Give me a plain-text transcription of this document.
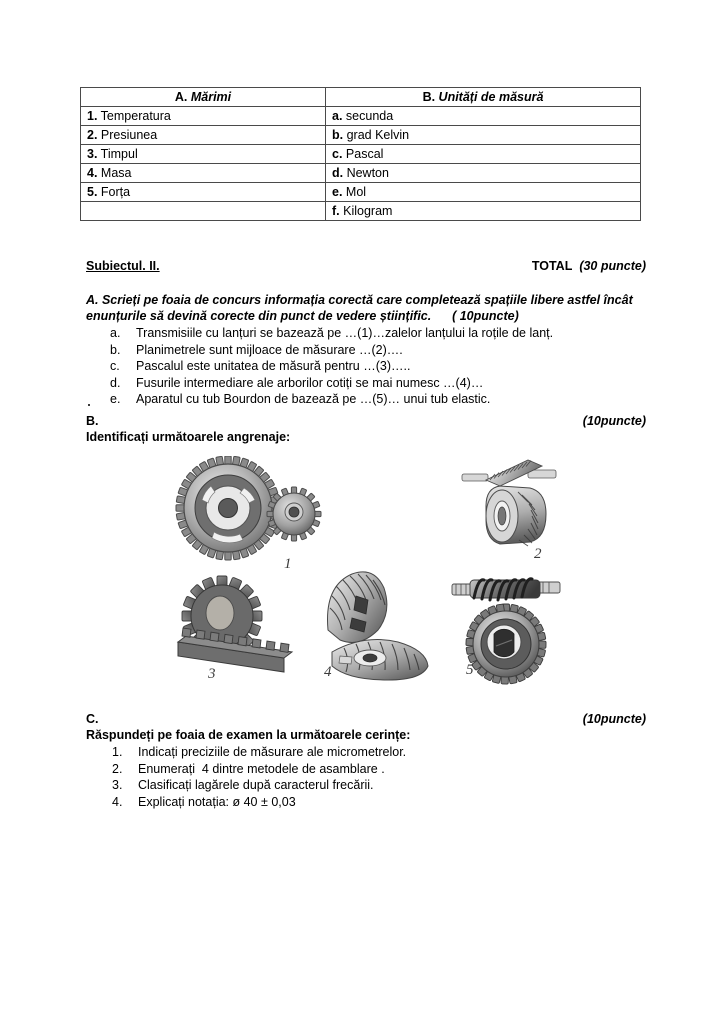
A. Mărimi	B. Unități de măsură
1. Temperatura	a. secunda
2. Presiunea	b. grad Kelvin
3. Timpul	c. Pascal
4. Masa	d. Newton
5. Forța	e. Mol
	f. Kilogram
Subiectul. II.	TOTAL (30 puncte)
A. Scrieți pe foaia de concurs informația corectă care completează spațiile libere astfel încât enunțurile să devină corecte din punct de vedere științific. ( 10puncte)
a.	Transmisiile cu lanțuri se bazează pe …(1)…zalelor lanțului la roțile de lanț.
b.	Planimetrele sunt mijloace de măsurare …(2)….
c.	Pascalul este unitatea de măsură pentru …(3)…..
d.	Fusurile intermediare ale arborilor cotiți se mai numesc …(4)…
e.	Aparatul cu tub Bourdon de bazează pe …(5)… unui tub elastic.
B.	(10puncte)
Identificați următoarele angrenaje:
1
2
3	4	5
C.	(10puncte)
Răspundeți pe foaia de examen la următoarele cerințe:
1.	Indicați preciziile de măsurare ale micrometrelor.
2.	Enumerați  4 dintre metodele de asamblare .
3.	Clasificați lagărele după caracterul frecării.
4.	Explicați notația: ø 40 ± 0,03
